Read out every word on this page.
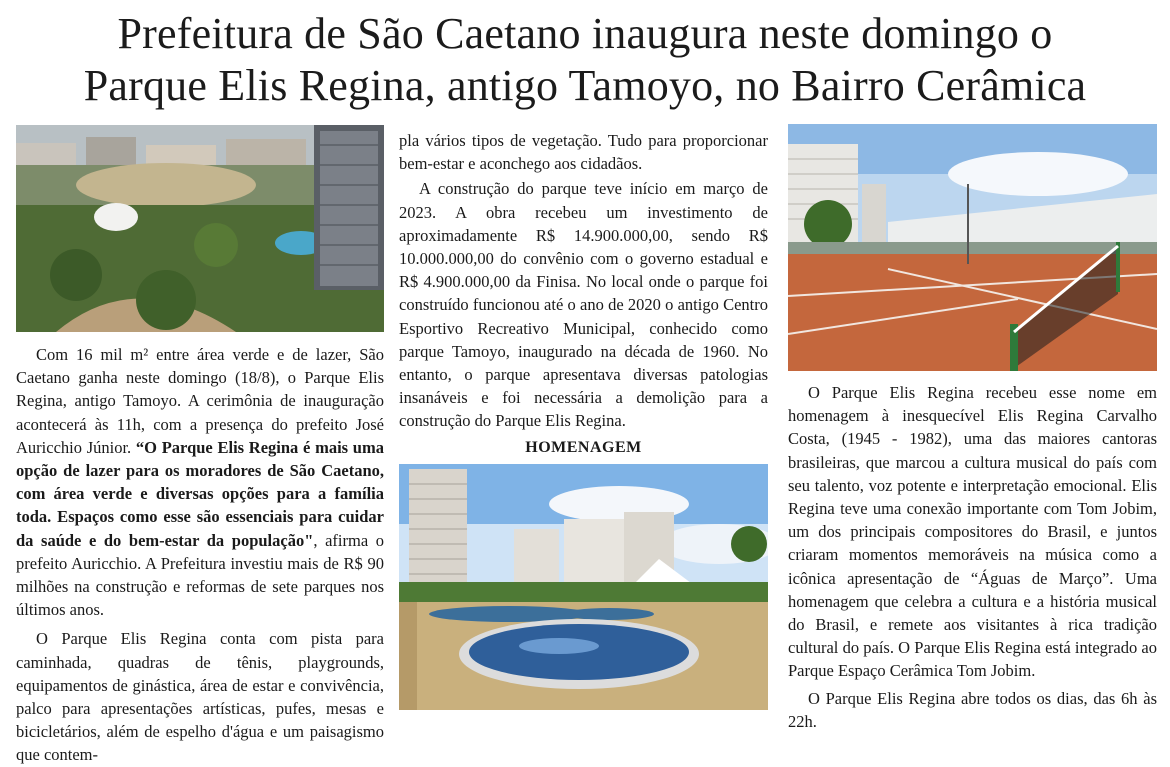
Prefeitura de São Caetano inaugura neste domingo o
Parque Elis Regina, antigo Tamoyo, no Bairro Cerâmica

Com 16 mil m² entre área verde e de lazer, São Caetano ganha neste domingo (18/8), o Parque Elis Regina, antigo Tamoyo. A cerimônia de inauguração acontecerá às 11h, com a presença do prefeito José Auricchio Júnior. “O Parque Elis Regina é mais uma opção de lazer para os moradores de São Caetano, com área verde e diversas opções para a família toda. Espaços como esse são essenciais para cuidar da saúde e do bem-estar da população", afirma o prefeito Auricchio. A Prefeitura investiu mais de R$ 90 milhões na construção e reformas de sete parques nos últimos anos.

O Parque Elis Regina conta com pista para caminhada, quadras de tênis, playgrounds, equipamentos de ginástica, área de estar e convivência, palco para apresentações artísticas, pufes, mesas e bicicletários, além de espelho d'água e um paisagismo que contem-

pla vários tipos de vegetação. Tudo para proporcionar bem-estar e aconchego aos cidadãos.

A construção do parque teve início em março de 2023. A obra recebeu um investimento de aproximadamente R$ 14.900.000,00, sendo R$ 10.000.000,00 do convênio com o governo estadual e R$ 4.900.000,00 da Finisa. No local onde o parque foi construído funcionou até o ano de 2020 o antigo Centro Esportivo Recreativo Municipal, conhecido como parque Tamoyo, inaugurado na década de 1960. No entanto, o parque apresentava diversas patologias insanáveis e foi necessária a demolição para a construção do Parque Elis Regina.

HOMENAGEM

O Parque Elis Regina recebeu esse nome em homenagem à inesquecível Elis Regina Carvalho Costa, (1945 - 1982), uma das maiores cantoras brasileiras, que marcou a cultura musical do país com seu talento, voz potente e interpretação emocional. Elis Regina teve uma conexão importante com Tom Jobim, um dos principais compositores do Brasil, e juntos criaram momentos memoráveis na música como a icônica apresentação de “Águas de Março”. Uma homenagem que celebra a cultura e a história musical do Brasil, e remete aos visitantes à rica tradição cultural do país. O Parque Elis Regina está integrado ao Parque Espaço Cerâmica Tom Jobim.

O Parque Elis Regina abre todos os dias, das 6h às 22h.
